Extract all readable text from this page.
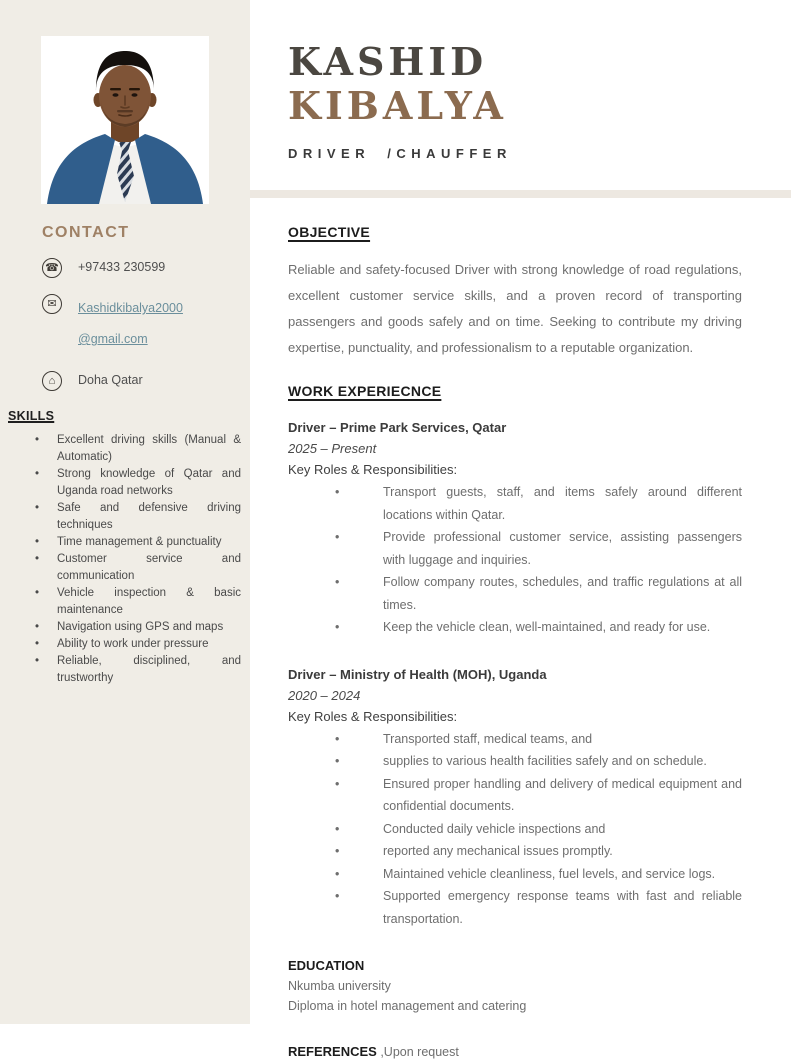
CONTACT
☎ +97433 230599
✉	Kashidkibalya2000
@gmail.com
⌂	Doha Qatar
SKILLS
• Excellent driving skills (Manual & Automatic)
• Strong knowledge of Qatar and Uganda road networks
• Safe and defensive driving techniques
• Time management & punctuality
• Customer service and communication
• Vehicle inspection & basic maintenance
• Navigation using GPS and maps
• Ability to work under pressure
• Reliable, disciplined, and trustworthy
KASHID
KIBALYA
DRIVER /CHAUFFER
OBJECTIVE

Reliable and safety-focused Driver with strong knowledge of road regulations, excellent customer service skills, and a proven record of transporting passengers and goods safely and on time. Seeking to contribute my driving expertise, punctuality, and professionalism to a reputable organization.

WORK EXPERIECNCE
Driver – Prime Park Services, Qatar
2025 – Present
Key Roles & Responsibilities:
• Transport guests, staff, and items safely around different locations within Qatar.
• Provide professional customer service, assisting passengers with luggage and inquiries.
• Follow company routes, schedules, and traffic regulations at all times.
• Keep the vehicle clean, well-maintained, and ready for use.
Driver – Ministry of Health (MOH), Uganda
2020 – 2024
Key Roles & Responsibilities:
• Transported staff, medical teams, and
• supplies to various health facilities safely and on schedule.
• Ensured proper handling and delivery of medical equipment and confidential documents.
• Conducted daily vehicle inspections and
• reported any mechanical issues promptly.
• Maintained vehicle cleanliness, fuel levels, and service logs.
• Supported emergency response teams with fast and reliable transportation.
EDUCATION
Nkumba university
Diploma in hotel management and catering
REFERENCES ,Upon request
